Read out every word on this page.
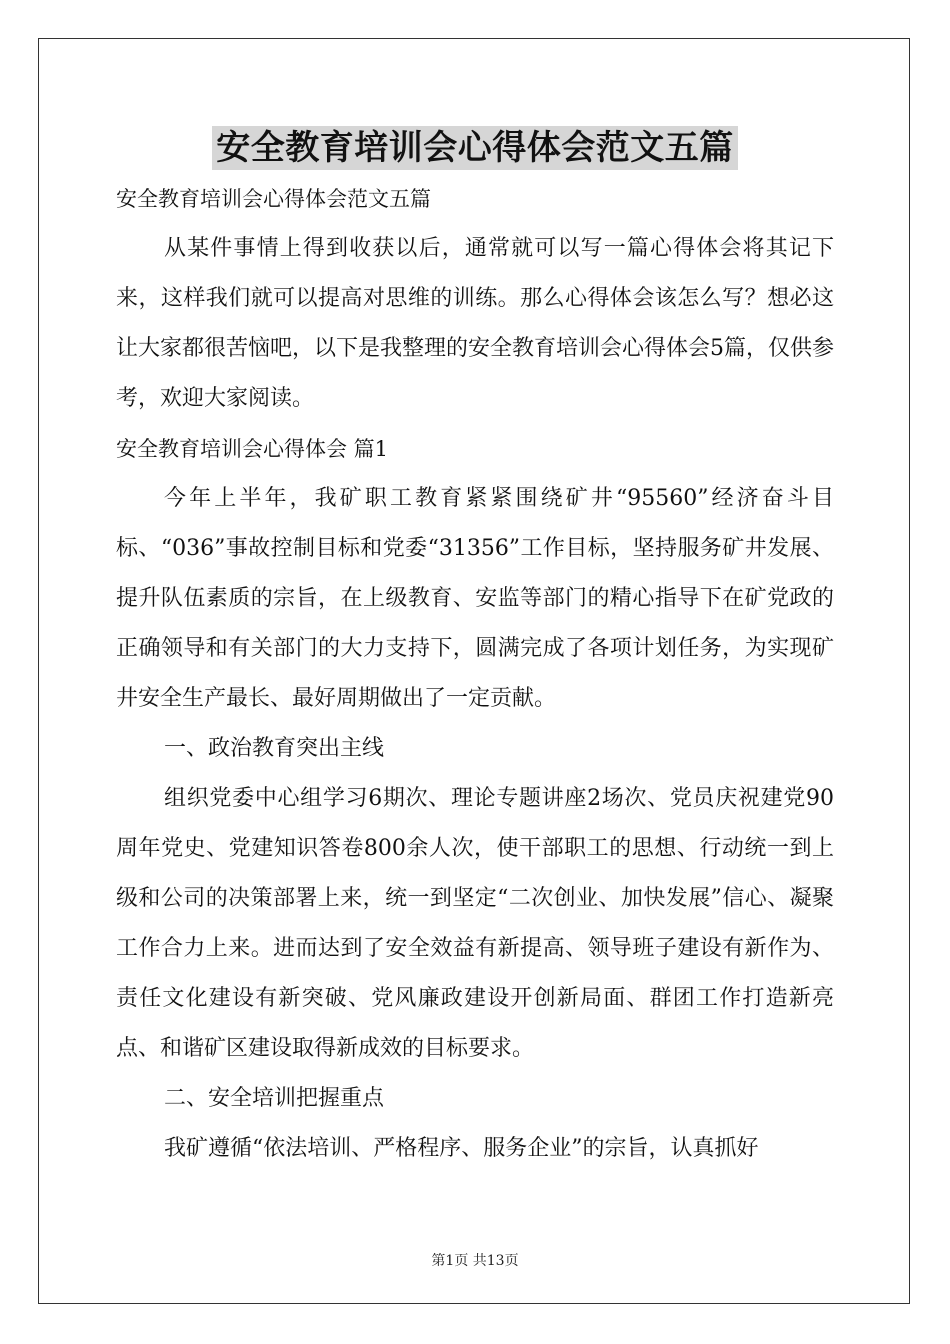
安全教育培训会心得体会范文五篇

安全教育培训会心得体会范文五篇

从某件事情上得到收获以后，通常就可以写一篇心得体会将其记下来，这样我们就可以提高对思维的训练。那么心得体会该怎么写？想必这让大家都很苦恼吧，以下是我整理的安全教育培训会心得体会5篇，仅供参考，欢迎大家阅读。

安全教育培训会心得体会 篇1

今年上半年，我矿职工教育紧紧围绕矿井“95560”经济奋斗目标、“036”事故控制目标和党委“31356”工作目标，坚持服务矿井发展、提升队伍素质的宗旨，在上级教育、安监等部门的精心指导下在矿党政的正确领导和有关部门的大力支持下，圆满完成了各项计划任务，为实现矿井安全生产最长、最好周期做出了一定贡献。

一、政治教育突出主线

组织党委中心组学习6期次、理论专题讲座2场次、党员庆祝建党90周年党史、党建知识答卷800余人次，使干部职工的思想、行动统一到上级和公司的决策部署上来，统一到坚定“二次创业、加快发展”信心、凝聚工作合力上来。进而达到了安全效益有新提高、领导班子建设有新作为、责任文化建设有新突破、党风廉政建设开创新局面、群团工作打造新亮点、和谐矿区建设取得新成效的目标要求。

二、安全培训把握重点

我矿遵循“依法培训、严格程序、服务企业”的宗旨，认真抓好

第1页 共13页
